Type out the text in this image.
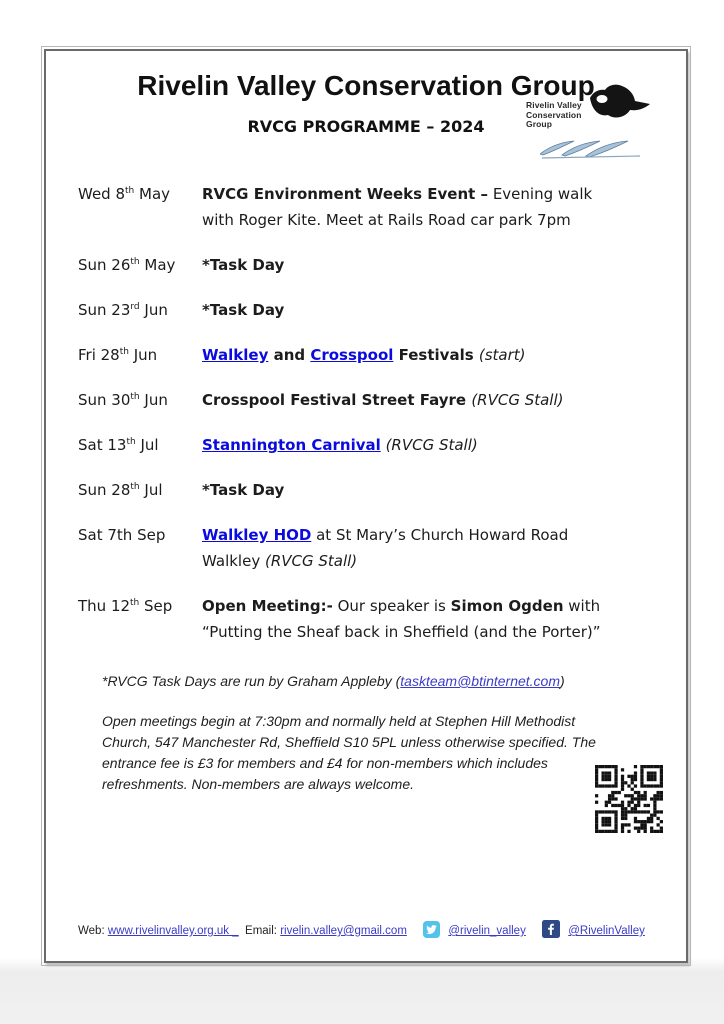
Rivelin Valley Conservation Group
RVCG PROGRAMME – 2024
Rivelin Valley
Conservation
Group
Wed 8th May	RVCG Environment Weeks Event – Evening walk
with Roger Kite. Meet at Rails Road car park 7pm
Sun 26th May	*Task Day
Sun 23rd Jun	*Task Day
Fri 28th Jun	Walkley and Crosspool Festivals (start)
Sun 30th Jun	Crosspool Festival Street Fayre (RVCG Stall)
Sat 13th Jul	Stannington Carnival (RVCG Stall)
Sun 28th Jul	*Task Day
Sat 7th Sep	Walkley HOD at St Mary’s Church Howard Road
Walkley (RVCG Stall)
Thu 12th Sep	Open Meeting:- Our speaker is Simon Ogden with
“Putting the Sheaf back in Sheffield (and the Porter)”
*RVCG Task Days are run by Graham Appleby (taskteam@btinternet.com)
Open meetings begin at 7:30pm and normally held at Stephen Hill Methodist
Church, 547 Manchester Rd, Sheffield S10 5PL unless otherwise specified. The
entrance fee is £3 for members and £4 for non-members which includes
refreshments. Non-members are always welcome.
Web: www.rivelinvalley.org.uk _  Email: rivelin.valley@gmail.com	@rivelin_valley	@RivelinValley
